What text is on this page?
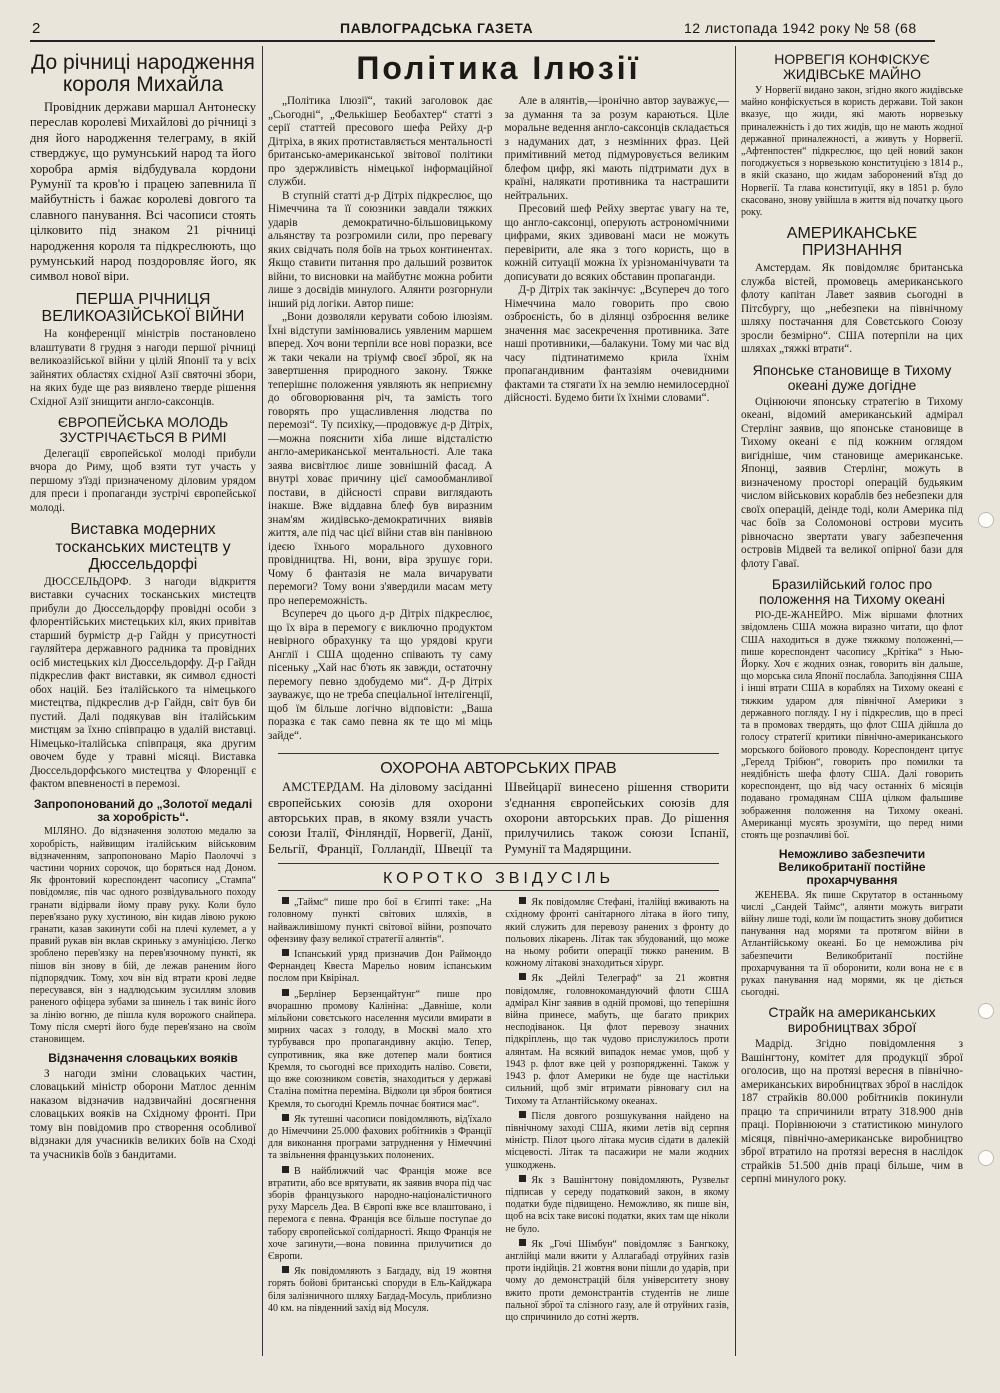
2	ПАВЛОГРАДСЬКА ГАЗЕТА	12 листопада 1942 року № 58 (68
До річниці народження короля Михайла

Провідник держави маршал Антонеску переслав королеві Михайлові до річниці з дня його народження телеграму, в якій стверджує, що румунський народ та його хоробра армія відбудувала кордони Румунії та кров'ю і працею запевнила її майбутність і бажає королеві довгого та славного панування. Всі часописи стоять цілковито під знаком 21 річниці народження короля та підкреслюють, що румунський народ поздоровляє його, як символ нової віри.

ПЕРША РІЧНИЦЯ ВЕЛИКОАЗІЙСЬКОЇ ВІЙНИ

На конференції міністрів постановлено влаштувати 8 грудня з нагоди першої річниці великоазійської війни у цілій Японії та у всіх зайнятих областях східної Азії святочні збори, на яких буде ще раз виявлено тверде рішення Східної Азії знищити англо-саксонців.

ЄВРОПЕЙСЬКА МОЛОДЬ ЗУСТРІЧАЄТЬСЯ В РИМІ

Делегації європейської молоді прибули вчора до Риму, щоб взяти тут участь у першому з'їзді призначеному діловим урядом для преси і пропаганди зустрічі європейської молоді.

Виставка модерних тосканських мистецтв у Дюссельдорфі

ДЮССЕЛЬДОРФ. З нагоди відкриття виставки сучасних тосканських мистецтв прибули до Дюссельдорфу провідні особи з флорентійських мистецьких кіл, яких привітав старший бурмістр д-р Гайдн у присутності гауляйтера державного радника та провідних осіб мистецьких кіл Дюссельдорфу. Д-р Гайдн підкреслив факт виставки, як символ єдності обох націй. Без італійського та німецького мистецтва, підкреслив д-р Гайдн, світ був би пустий. Далі подякував він італійським мистцям за їхню співпрацю в удалій виставці. Німецько-італійська співпраця, яка другим овочем буде у травні місяці. Виставка Дюссельдорфського мистецтва у Флоренції є фактом впевненості в перемозі.

Запропонований до „Золотої медалі за хоробрість“.

МІЛЯНО. До відзначення золотою медалю за хоробрість, найвищим італійським військовим відзначенням, запропоновано Маріо Паолоччі з частини чорних сорочок, що боряться над Доном. Як фронтовий кореспондент часопису „Стампа“ повідомляє, пів час одного розвідувального походу гранати відірвали йому праву руку. Коли було перев'язано руку хустиною, він кидав лівою рукою гранати, казав закинути собі на плечі кулемет, а у правий рукав він вклав скриньку з амуніцією. Легко зроблено перев'язку на перев'язочному пункті, як пішов він знову в бій, де лежав раненим його підпорядчик. Тому, хоч він від втрати крові ледве пересувався, він з надлюдським зусиллям зловив раненого офіцера зубами за шинель і так виніс його за лінію вогню, де пішла куля ворожого снайпера. Тому після смерті його буде перев'язано на своїм становищем.

Відзначення словацьких вояків

З нагоди зміни словацьких частин, словацький міністр оборони Матлос деннім наказом відзначив надзвичайні досягнення словацьких вояків на Східному фронті. При тому він повідомив про створення особливої відзнаки для учасників великих боїв на Сході та учасників боїв з бандитами.

Політика Ілюзії

„Політика Ілюзії“, такий заголовок дає „Сьогодні“, „Фелькішер Беобахтер“ статті з серії статтей пресового шефа Рейху д-р Дітріха, в яких протиставляється ментальності британсько-американської звітової політики про здержливість німецької інформаційної служби.

В ступній статті д-р Дітріх підкреслює, що Німеччина та її союзники завдали тяжких ударів демократично-більшовицькому альянству та розгромили сили, про перевагу яких свідчать поля боїв на трьох континентах. Якщо ставити питання про дальший розвиток війни, то висновки на майбутнє можна робити лише з досвідів минулого. Алянти розгорнули інший рід логіки. Автор пише:

„Вони дозволяли керувати собою ілюзіям. Їхні відступи замінювались уявленим маршем вперед. Хоч вони терпіли все нові поразки, все ж таки чекали на тріумф своєї зброї, як на завертшення природного закону. Тяжке теперішнє положення уявляють як неприємну до обговорювання річ, та замість того говорять про ущасливлення людства по перемозі“. Ту психіку,—продовжує д-р Дітріх,—можна пояснити хіба лише відсталістю англо-американської ментальності. Але така заява висвітлює лише зовнішній фасад. А внутрі ховає причину цієї самообманливої постави, в дійсності справи виглядають інакше. Вже віддавна блеф був виразним знам'ям жидівсько-демократичних виявів життя, але під час цієї війни став він панівною ідеєю їхнього морального духовного провідництва. Ні, вони, віра зрушує гори. Чому б фантазія не мала вичарувати перемоги? Тому вони з'явердили масам мету про непереможність.

Всупереч до цього д-р Дітріх підкреслює, що їх віра в перемогу є виключно продуктом невірного обрахунку та що урядові круги Англії і США щоденно співають ту саму пісеньку „Хай нас б'ють як завжди, остаточну перемогу певно здобудемо ми“. Д-р Дітріх зауважує, що не треба спеціальної інтелігенції, щоб їм більше логічно відповісти: „Ваша поразка є так само певна як те що мі міць зайде“.

Але в алянтів,—іронічно автор зауважує,—за думання та за розум караються. Ціле моральне ведення англо-саксонців складається з надуманих дат, з незмінних фраз. Цей примітивний метод підмуровується великим блефом цифр, які мають підтримати дух в країні, налякати противника та настрашити нейтральних.

Пресовий шеф Рейху звертає увагу на те, що англо-саксонці, оперують астрономічними цифрами, яких здивовані маси не можуть перевірити, але яка з того користь, що в кожній ситуації можна їх урізноманічувати та дописувати до всяких обставин пропаганди.

Д-р Дітріх так закінчує: „Всупереч до того Німеччина мало говорить про свою озброєність, бо в ділянці озброєння велике значення має засекречення противника. Зате наші противники,—балакуни. Тому ми час від часу підтинатимемо крила їхнім пропагандивним фантазіям очевидними фактами та стягати їх на землю немилосердної дійсності. Будемо бити їх їхніми словами“.

ОХОРОНА АВТОРСЬКИХ ПРАВ

АМСТЕРДАМ. На діловому засіданні європейських союзів для охорони авторських прав, в якому взяли участь союзи Італії, Фінляндії, Норвегії, Данії, Бельгії, Франції, Голландії, Швеції та Швейцарії винесено рішення створити з'єднання європейських союзів для охорони авторських прав. До рішення прилучились також союзи Іспанії, Румунії та Мадярщини.

КОРОТКО ЗВІДУСІЛЬ

„Таймс“ пише про бої в Єгипті таке: „На головному пункті світових шляхів, в найважливішому пункті світової війни, розпочато офензиву фазу великої стратегії алянтів“.

Іспанський уряд призначив Дон Раймондо Фернандец Квеста Марельо новим іспанським послом при Квірінал.

„Берлінер Берзенцайтунг“ пише про вчорашню промову Калініна: „Давніше, коли мільйони совєтського населення мусили вмирати в мирних часах з голоду, в Москві мало хто турбувався про пропагандивну акцію. Тепер, супротивник, яка вже дотепер мали боятися Кремля, то сьогодні все приходить наліво. Совєти, що вже союзником совєтів, знаходиться у державі Сталіна помітна переміна. Відколи ця зброя боятися Кремля, то сьогодні Кремль почнає боятися мас“.

Як тутешні часописи повідомляють, від'їхало до Німеччини 25.000 фахових робітників з Франції для виконання програми затруднення у Німеччині та звільнення французьких полонених.

В найближчий час Франція може все втратити, або все врятувати, як заявив вчора під час зборів французького народно-націоналістичного руху Марсель Деа. В Європі вже все влаштовано, і перемога є певна. Франція все більше поступае до табору європейської солідарності. Якщо Франція не хоче загинути,—вона повинна прилучитися до Європи.

Як повідомляють з Багдаду, від 19 жовтня горять бойові британські споруди в Ель-Кайджара біля залізничного шляху Багдад-Мосуль, приблизно 40 км. на південний захід від Мосуля.

Як повідомляє Стефані, італійці вживають на східному фронті санітарного літака в його типу, який служить для перевозу ранених з фронту до польових лікарень. Літак так збудований, що може на ньому робити операції тяжко раненим. В кожному літакові знаходиться хірург.

Як „Дейлі Телеграф“ за 21 жовтня повідомляє, головнокомандуючий флоти США адмірал Кінг заявив в одній промові, що теперішня війна принесе, мабуть, ще багато прикрих несподіванок. Ця флот перевозу значних підкріплень, що так чудово прислужилось проти алянтам. На всякий випадок немає умов, щоб у 1943 р. флот вже цей у розпорядженні. Також у 1943 р. флот Америки не буде ще настільки сильний, щоб зміг втримати рівновагу сил на Тихому та Атлантійському океанах.

Після довгого розшукування найдено на північному заході США, якими летів від серпня міністр. Пілот цього літака мусив сідати в далекій місцевості. Літак та пасажири не мали жодних ушкоджень.

Як з Вашінгтону повідомляють, Рузвельт підписав у середу податковий закон, в якому податки буде підвищено. Неможливо, як пише він, щоб на всіх таке високі податки, яких там ще ніколи не було.

Як „Гочі Шімбун“ повідомляє з Бангкоку, англійці мали вжити у Аллагабаді отруйних газів проти індійців. 21 жовтня вони пішли до ударів, при чому до демонстрацій біля університету знову вжито проти демонстрантів студентів не лише пальної зброї та слізного газу, але й отруйних газів, що спричинило до сотні жертв.

НОРВЕГІЯ КОНФІСКУЄ ЖИДІВСЬКЕ МАЙНО

У Норвегії видано закон, згідно якого жидівське майно конфіскується в користь держави. Той закон вказує, що жиди, які мають норвезьку приналежність і до тих жидів, що не мають жодної державної приналежності, а живуть у Норвегії. „Афтенпостен“ підкреслює, що цей новий закон погоджується з норвезькою конституцією з 1814 р., в якій сказано, що жидам заборонений в'їзд до Норвегії. Та глава конституції, яку в 1851 р. було скасовано, знову увійшла в життя від початку цього року.

АМЕРИКАНСЬКЕ ПРИЗНАННЯ

Амстердам. Як повідомляє британська служба вістей, промовець американського флоту капітан Лавет заявив сьогодні в Пітсбургу, що „небезпеки на північному шляху постачання для Совєтського Союзу зросли безмірно“. США потерпіли на цих шляхах „тяжкі втрати“.

Японське становище в Тихому океані дуже догідне

Оцінюючи японську стратегію в Тихому океані, відомий американський адмірал Стерлінг заявив, що японське становище в Тихому океані є під кожним оглядом вигідніше, чим становище американське. Японці, заявив Стерлінг, можуть в визначеному просторі операцій будьяким числом військових кораблів без небезпеки для своїх операцій, деінде тоді, коли Америка під час боїв за Соломонові острови мусить рівночасно звертати увагу забезпечення островів Мідвей та великої опірної бази для флоту Гаваї.

Бразилійський голос про положення на Тихому океані

РІО-ДЕ-ЖАНЕЙРО. Між віршами флотних звідомлень США можна виразно читати, що флот США находиться в дуже тяжкому положенні,—пише кореспондент часопису „Крітіка“ з Нью-Йорку. Хоч є жодних ознак, говорить він дальше, що морська сила Японії послабла. Заподіяння США і інші втрати США в кораблях на Тихому океані є тяжким ударом для північної Америки з державного погляду. І ну і підкреслив, що в пресі та в промовах твердять, що флот США дійшла до голосу стратегії критики північно-американського морського бойового проводу. Кореспондент цитує „Герелд Трібюн“, говорить про помилки та неядібність шефа флоту США. Далі говорить кореспондент, що від часу останніх 6 місяців подавано громадянам США цілком фальшиве зображення положення на Тихому океані. Американці мусять зрозуміти, що перед ними стоять ще розпачливі бої.

Неможливо забезпечити Великобританії постійне прохарчування

ЖЕНЕВА. Як пише Скрутатор в останньому числі „Сандей Таймс“, алянти можуть виграти війну лише тоді, коли їм пощастить знову добитися панування над морями та протягом війни в Атлантійському океані. Бо це неможлива річ забезпечити Великобританії постійне прохарчування та її оборонити, коли вона не є в руках панування над морями, як це діється сьогодні.

Страйк на американських виробництвах зброї

Мадрід. Згідно повідомлення з Вашінгтону, комітет для продукції зброї оголосив, що на протязі вересня в північно-американських виробництвах зброї в наслідок 187 страйків 80.000 робітників покинули працю та спричинили втрату 318.900 днів праці. Порівнюючи з статистикою минулого місяця, північно-американське виробництво зброї втратило на протязі вересня в наслідок страйків 51.500 днів праці більше, чим в серпні минулого року.
